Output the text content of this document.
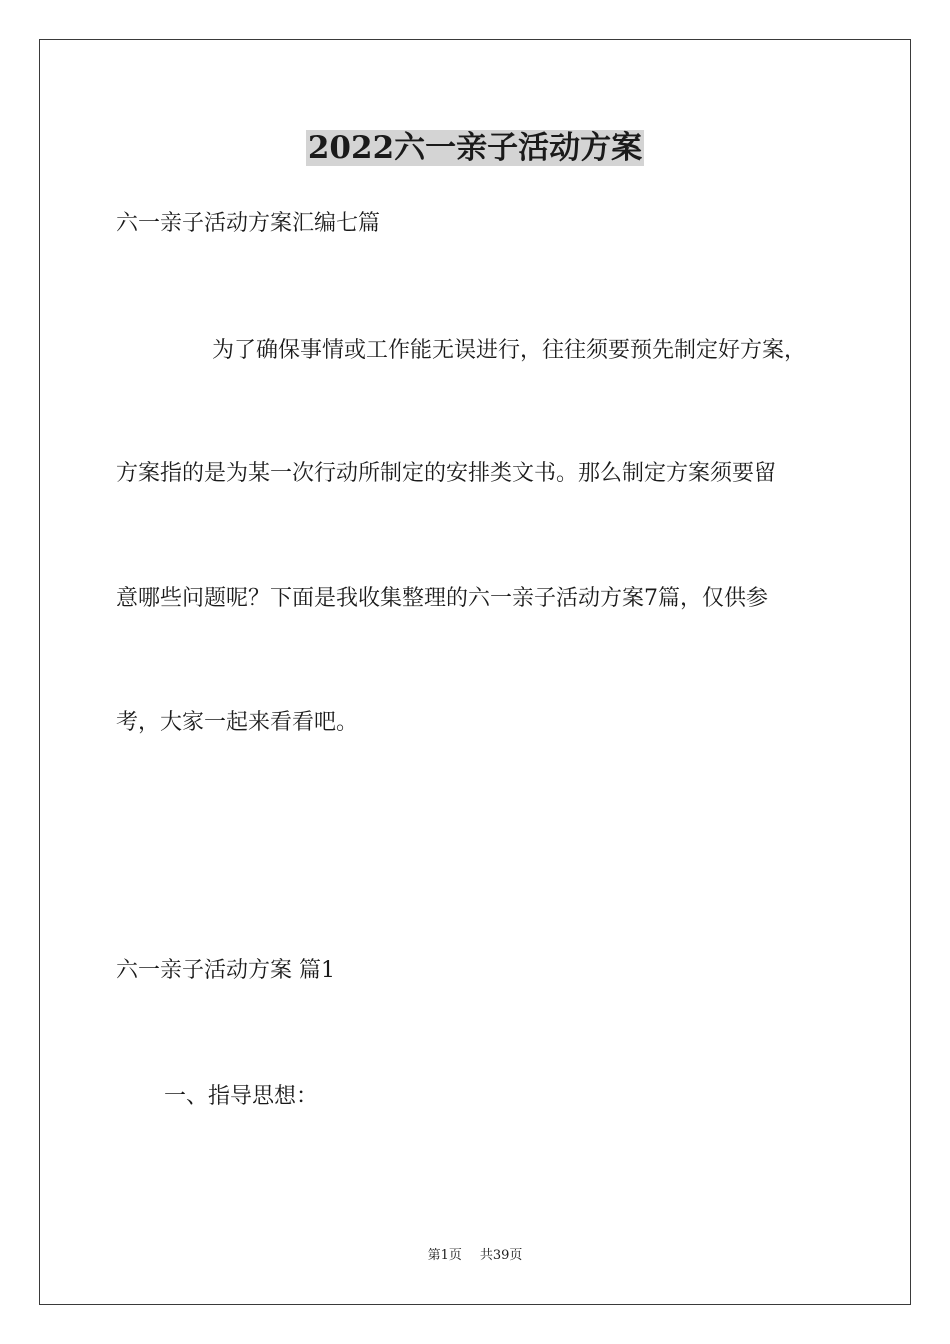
2022六一亲子活动方案

六一亲子活动方案汇编七篇

为了确保事情或工作能无误进行，往往须要预先制定好方案，

方案指的是为某一次行动所制定的安排类文书。那么制定方案须要留

意哪些问题呢？下面是我收集整理的六一亲子活动方案7篇，仅供参

考，大家一起来看看吧。

六一亲子活动方案 篇1

一、指导思想：

第1页 共39页
